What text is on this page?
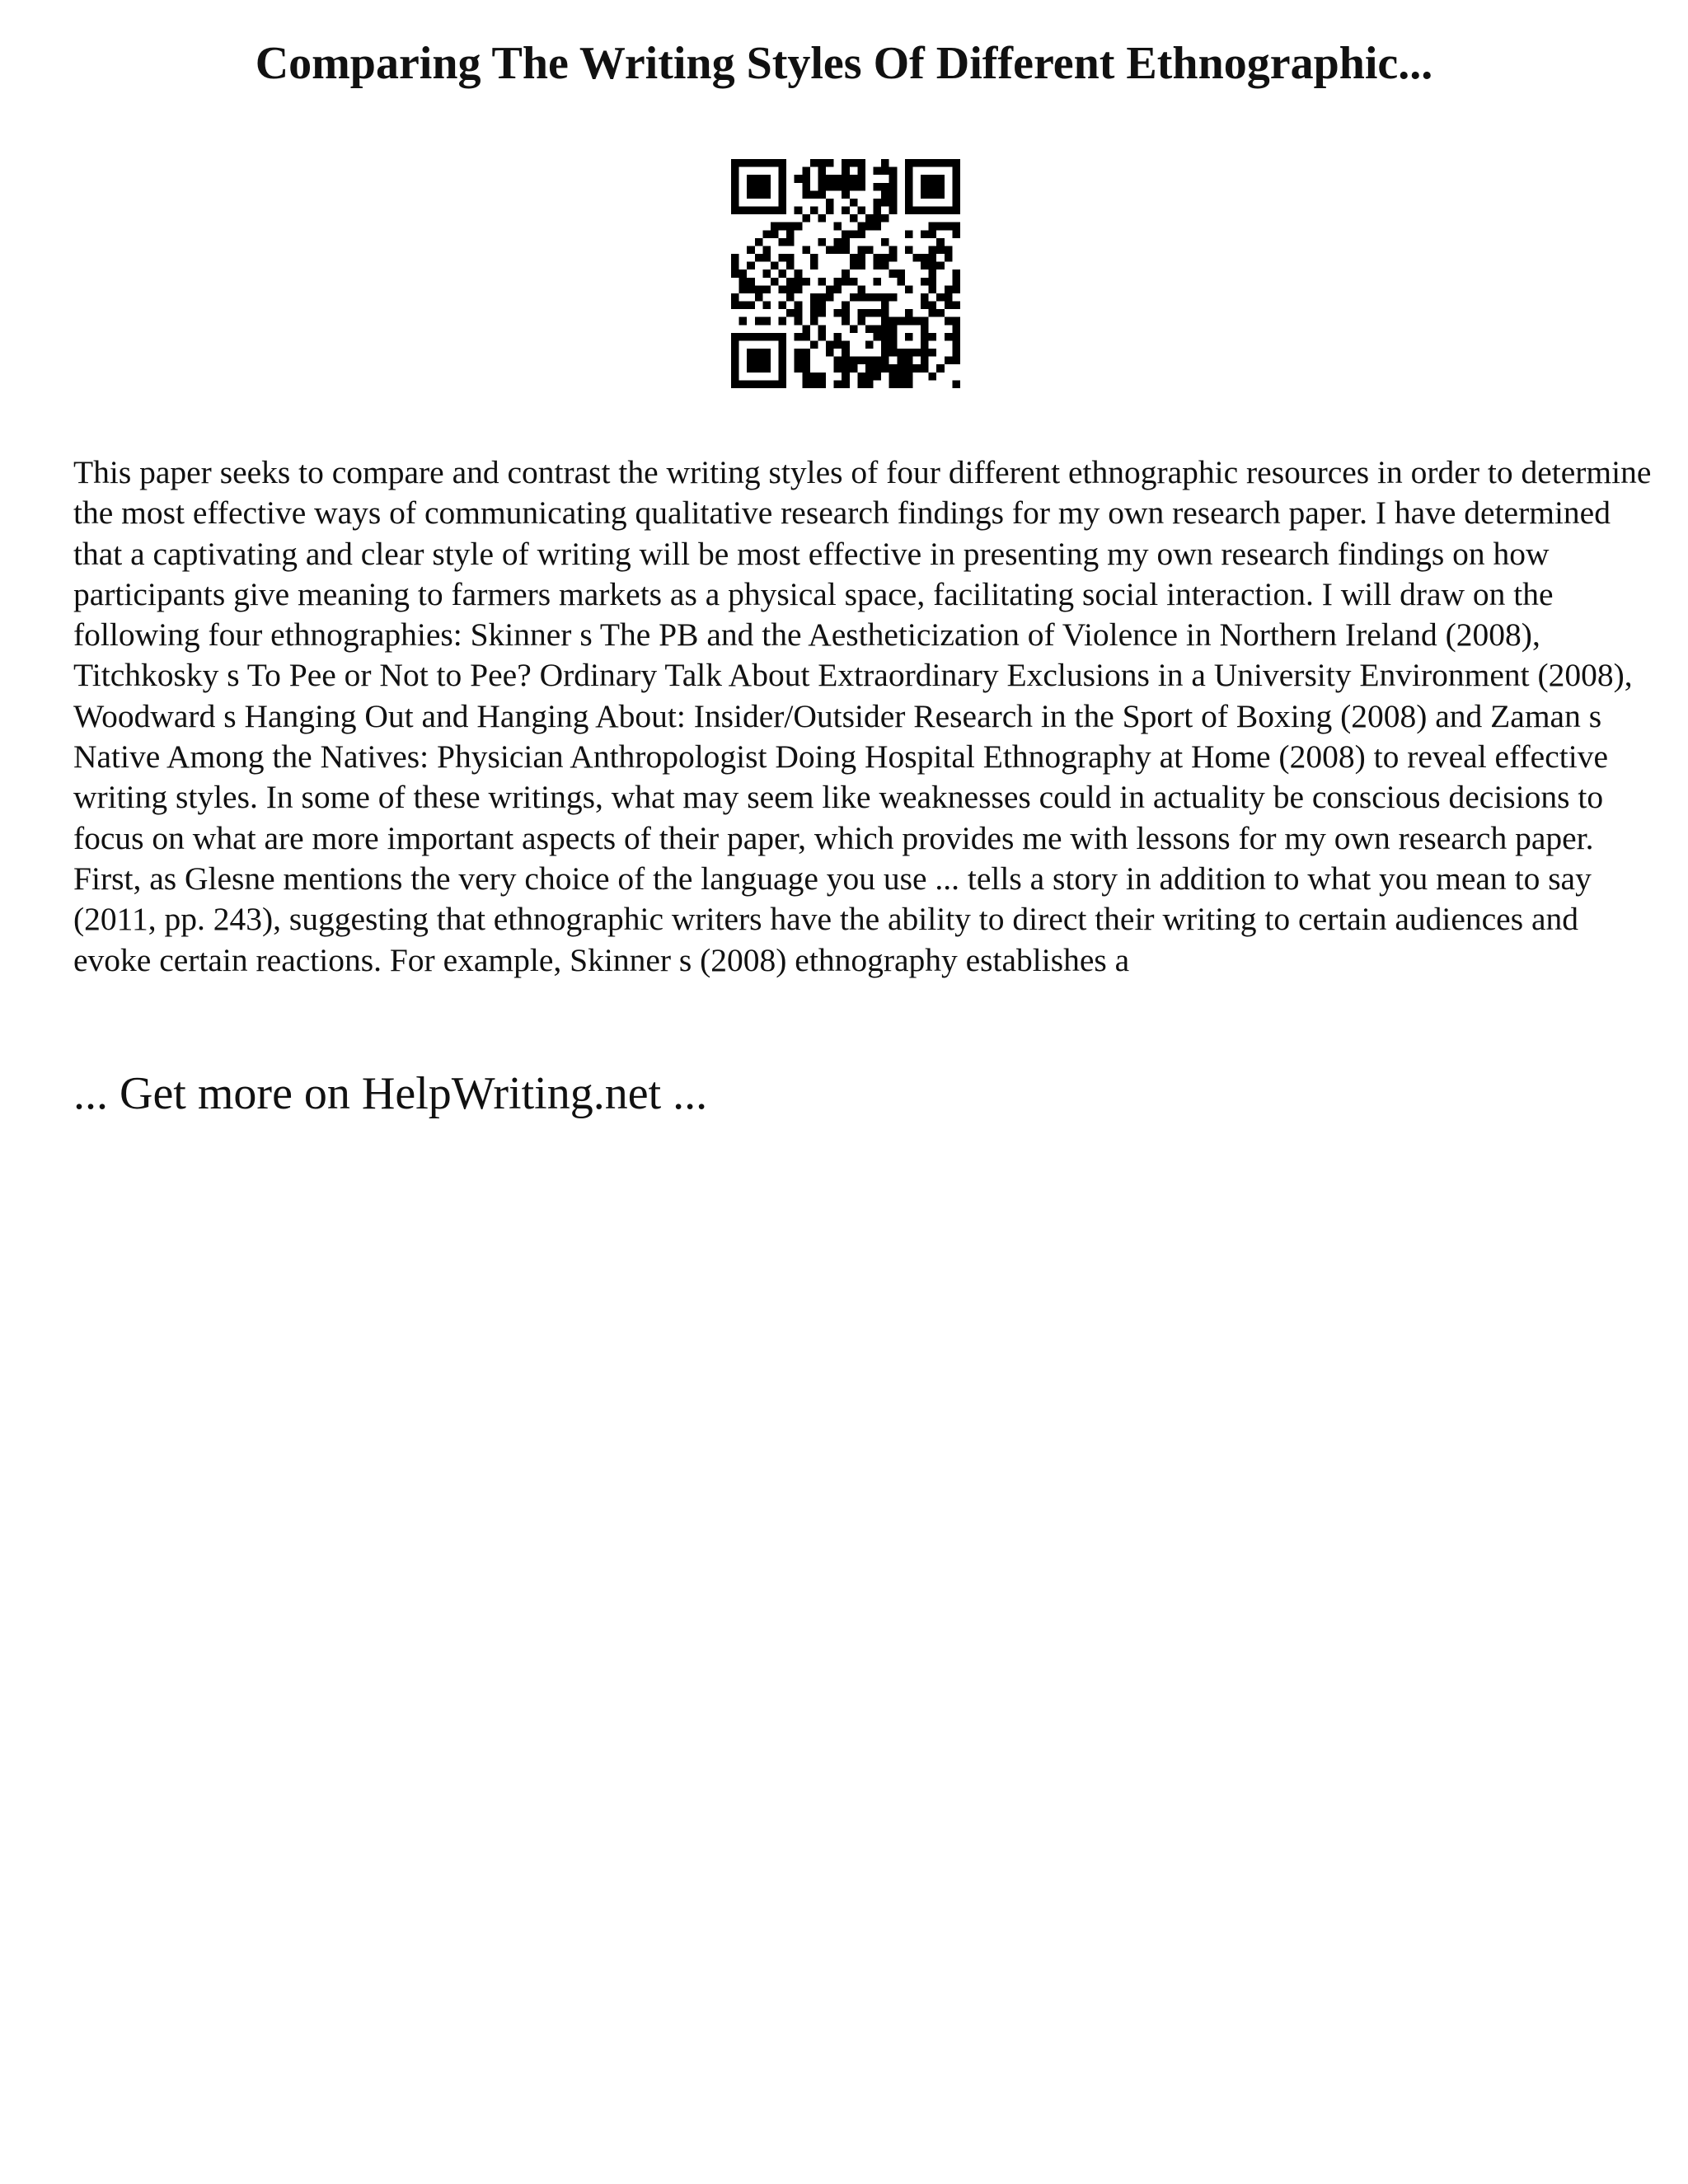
Comparing The Writing Styles Of Different Ethnographic...

This paper seeks to compare and contrast the writing styles of four different ethnographic resources in order to determine the most effective ways of communicating qualitative research findings for my own research paper. I have determined that a captivating and clear style of writing will be most effective in presenting my own research findings on how participants give meaning to farmers markets as a physical space, facilitating social interaction. I will draw on the following four ethnographies: Skinner s The PB and the Aestheticization of Violence in Northern Ireland (2008), Titchkosky s To Pee or Not to Pee? Ordinary Talk About Extraordinary Exclusions in a University Environment (2008), Woodward s Hanging Out and Hanging About: Insider/Outsider Research in the Sport of Boxing (2008) and Zaman s Native Among the Natives: Physician Anthropologist Doing Hospital Ethnography at Home (2008) to reveal effective writing styles. In some of these writings, what may seem like weaknesses could in actuality be conscious decisions to focus on what are more important aspects of their paper, which provides me with lessons for my own research paper.

First, as Glesne mentions the very choice of the language you use ... tells a story in addition to what you mean to say (2011, pp. 243), suggesting that ethnographic writers have the ability to direct their writing to certain audiences and evoke certain reactions. For example, Skinner s (2008) ethnography establishes a

... Get more on HelpWriting.net ...
